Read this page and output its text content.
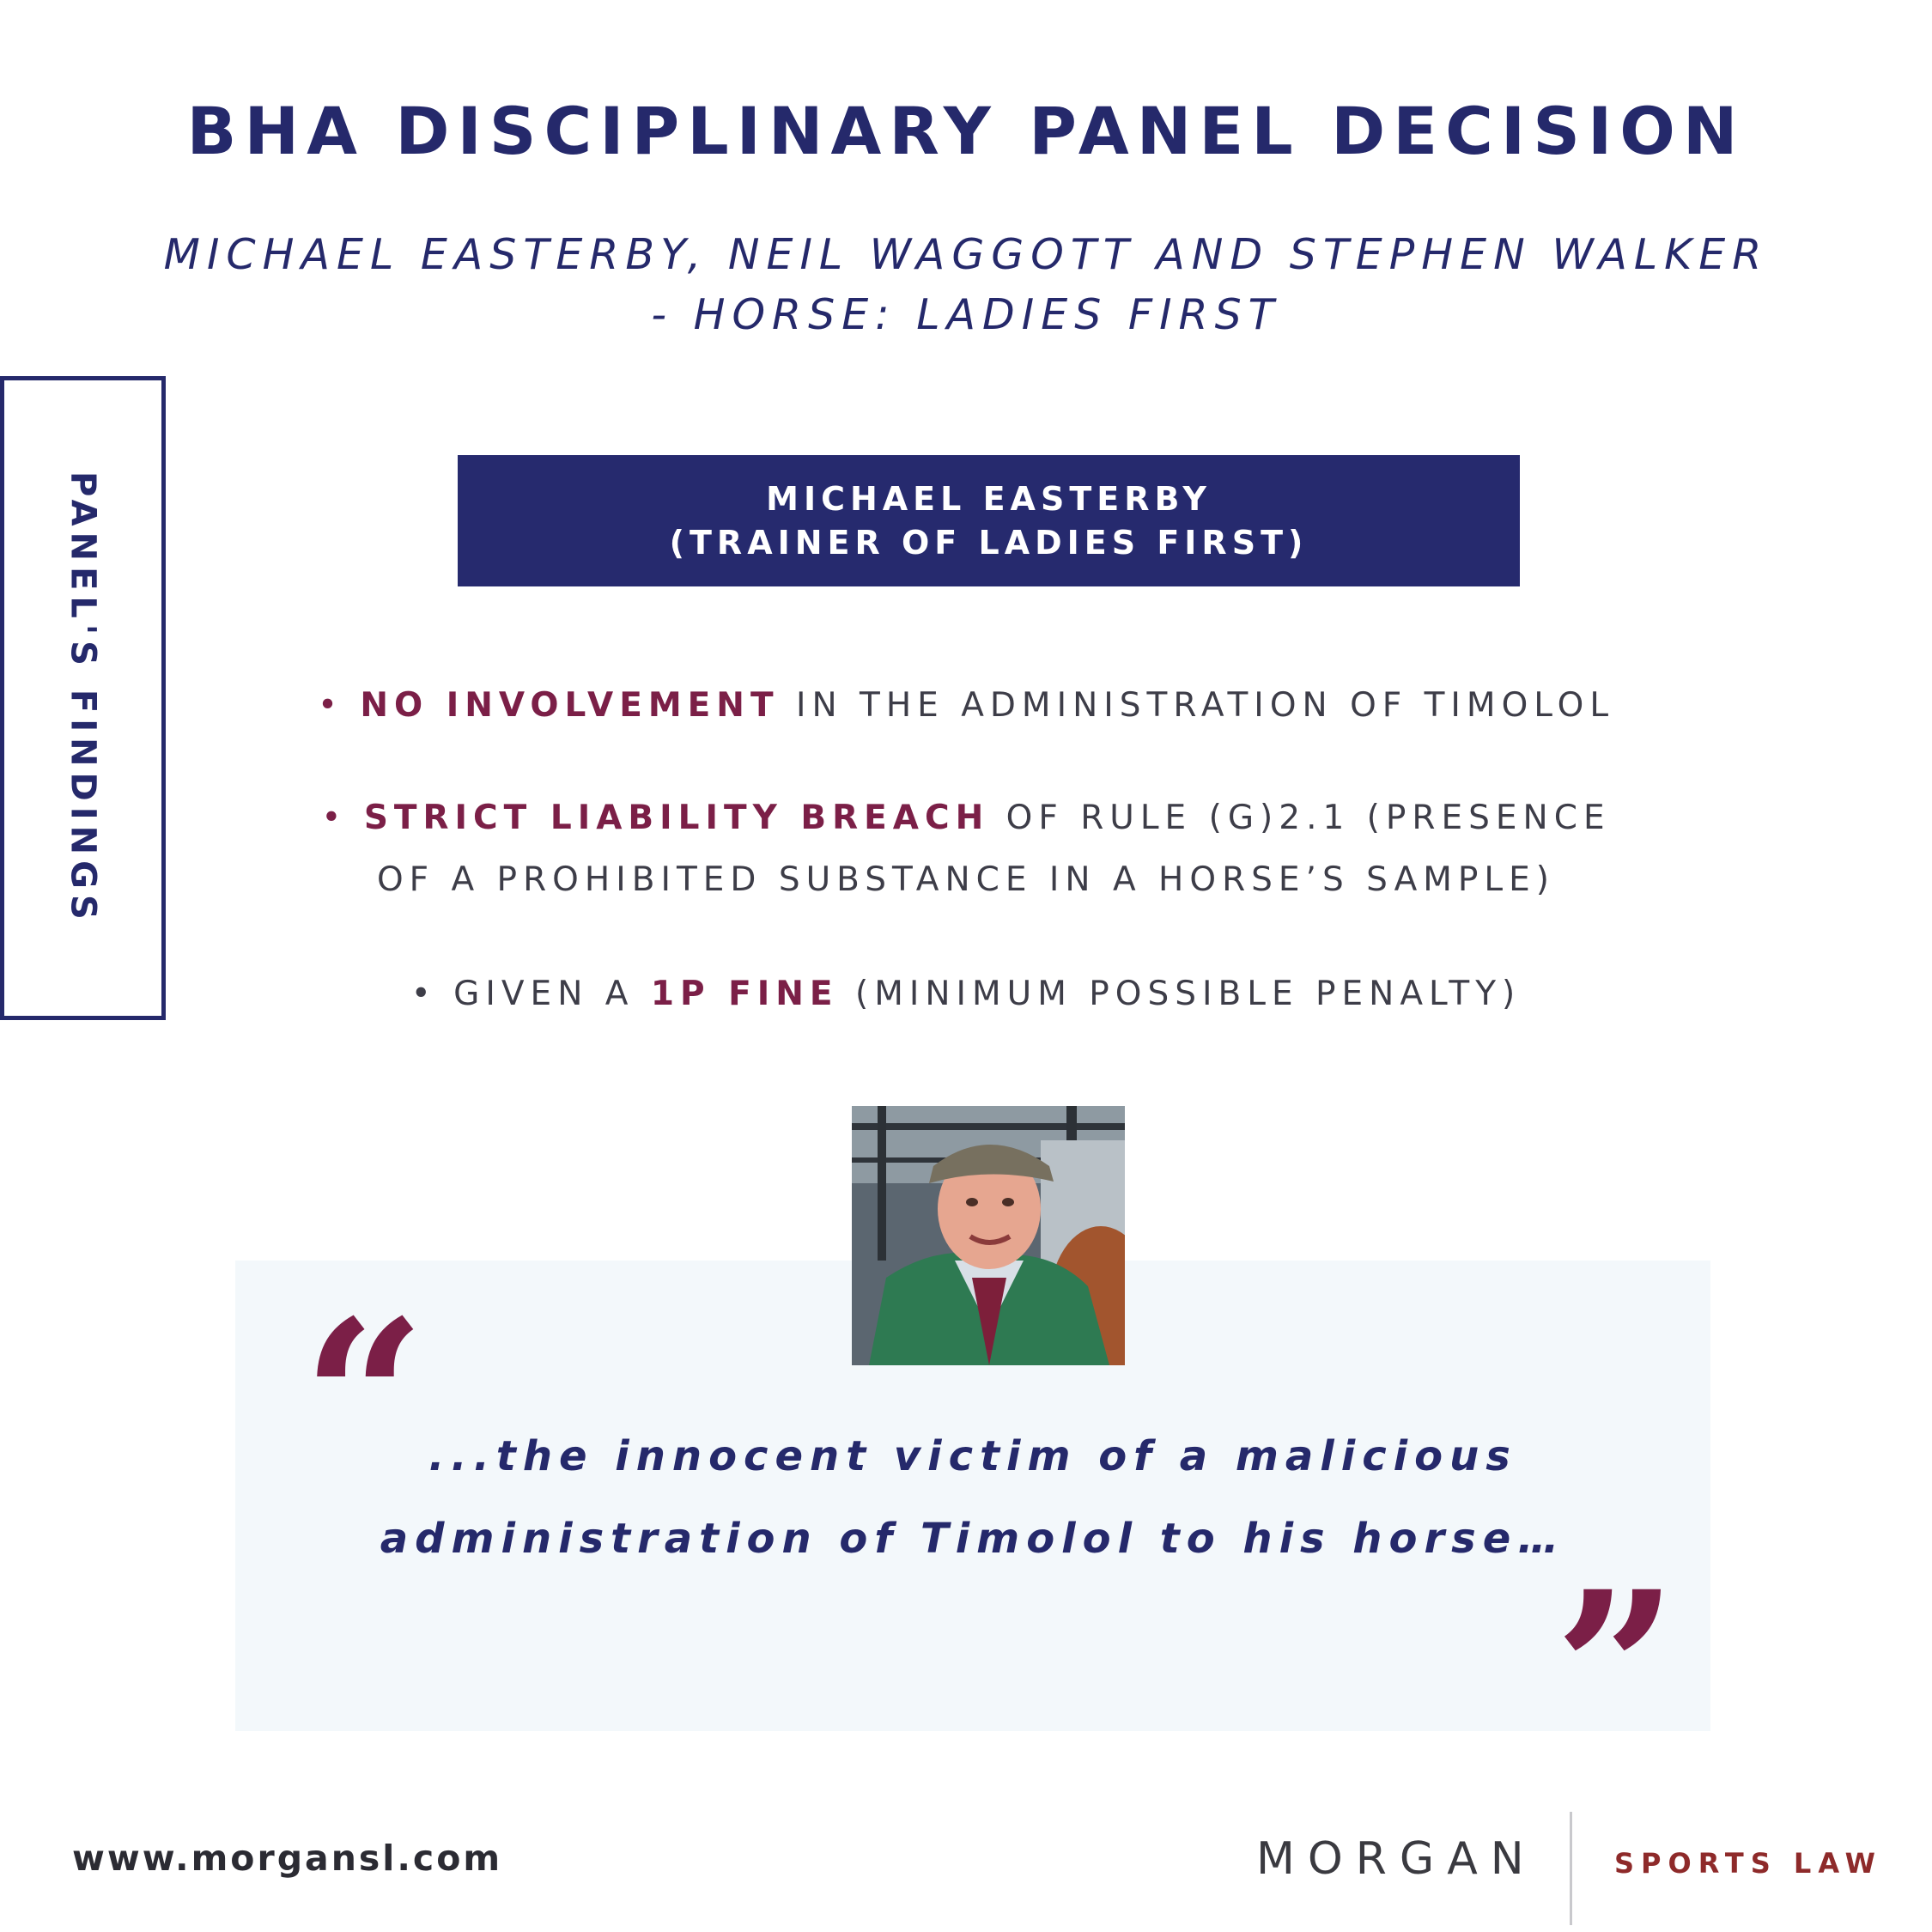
BHA DISCIPLINARY PANEL DECISION
MICHAEL EASTERBY, NEIL WAGGOTT AND STEPHEN WALKER
- HORSE: LADIES FIRST
PANEL'S FINDINGS	MICHAEL EASTERBY
(TRAINER OF LADIES FIRST)
• NO INVOLVEMENT IN THE ADMINISTRATION OF TIMOLOL
• STRICT LIABILITY BREACH OF RULE (G)2.1 (PRESENCE
OF A PROHIBITED SUBSTANCE IN A HORSE’S SAMPLE)
• GIVEN A 1P FINE (MINIMUM POSSIBLE PENALTY)
“
”
...the innocent victim of a malicious
administration of Timolol to his horse…
www.morgansl.com	MORGAN	SPORTS LAW
